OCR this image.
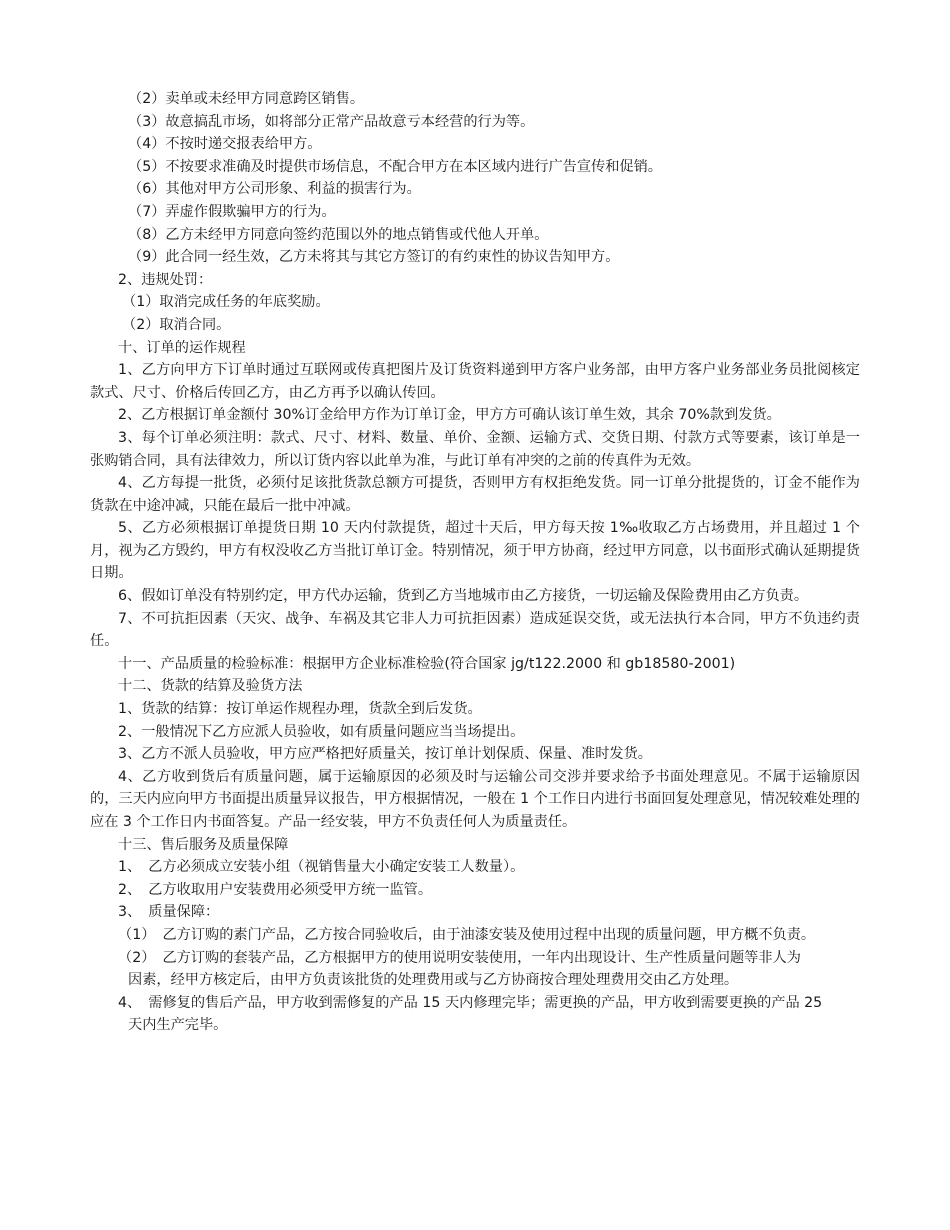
（2）卖单或未经甲方同意跨区销售。
（3）故意搞乱市场，如将部分正常产品故意亏本经营的行为等。
（4）不按时递交报表给甲方。
（5）不按要求准确及时提供市场信息，不配合甲方在本区域内进行广告宣传和促销。
（6）其他对甲方公司形象、利益的损害行为。
（7）弄虚作假欺骗甲方的行为。
（8）乙方未经甲方同意向签约范围以外的地点销售或代他人开单。
（9）此合同一经生效，乙方未将其与其它方签订的有约束性的协议告知甲方。
2、违规处罚：
（1）取消完成任务的年底奖励。
（2）取消合同。
十、订单的运作规程
1、乙方向甲方下订单时通过互联网或传真把图片及订货资料递到甲方客户业务部，由甲方客户业务部业务员批阅核定款式、尺寸、价格后传回乙方，由乙方再予以确认传回。
2、乙方根据订单金额付 30%订金给甲方作为订单订金，甲方方可确认该订单生效，其余 70%款到发货。
3、每个订单必须注明：款式、尺寸、材料、数量、单价、金额、运输方式、交货日期、付款方式等要素，该订单是一张购销合同，具有法律效力，所以订货内容以此单为准，与此订单有冲突的之前的传真件为无效。
4、乙方每提一批货，必须付足该批货款总额方可提货，否则甲方有权拒绝发货。同一订单分批提货的，订金不能作为货款在中途冲减，只能在最后一批中冲减。
5、乙方必须根据订单提货日期 10 天内付款提货，超过十天后，甲方每天按 1‰收取乙方占场费用，并且超过 1 个月，视为乙方毁约，甲方有权没收乙方当批订单订金。特别情况，须于甲方协商，经过甲方同意，以书面形式确认延期提货日期。
6、假如订单没有特别约定，甲方代办运输，货到乙方当地城市由乙方接货，一切运输及保险费用由乙方负责。
7、不可抗拒因素（天灾、战争、车祸及其它非人力可抗拒因素）造成延误交货，或无法执行本合同，甲方不负违约责任。
十一、产品质量的检验标准：根据甲方企业标准检验(符合国家 jg/t122.2000 和 gb18580-2001)
十二、货款的结算及验货方法
1、货款的结算：按订单运作规程办理，货款全到后发货。
2、一般情况下乙方应派人员验收，如有质量问题应当当场提出。
3、乙方不派人员验收，甲方应严格把好质量关，按订单计划保质、保量、准时发货。
4、乙方收到货后有质量问题，属于运输原因的必须及时与运输公司交涉并要求给予书面处理意见。不属于运输原因的，三天内应向甲方书面提出质量异议报告，甲方根据情况，一般在 1 个工作日内进行书面回复处理意见，情况较难处理的应在 3 个工作日内书面答复。产品一经安装，甲方不负责任何人为质量责任。
十三、售后服务及质量保障
1、　乙方必须成立安装小组（视销售量大小确定安装工人数量）。
2、　乙方收取用户安装费用必须受甲方统一监管。
3、　质量保障：
（1）　乙方订购的素门产品，乙方按合同验收后，由于油漆安装及使用过程中出现的质量问题，甲方概不负责。
（2）　乙方订购的套装产品，乙方根据甲方的使用说明安装使用，一年内出现设计、生产性质量问题等非人为
因素，经甲方核定后，由甲方负责该批货的处理费用或与乙方协商按合理处理费用交由乙方处理。
4、　需修复的售后产品，甲方收到需修复的产品 15 天内修理完毕；需更换的产品，甲方收到需要更换的产品 25
天内生产完毕。
